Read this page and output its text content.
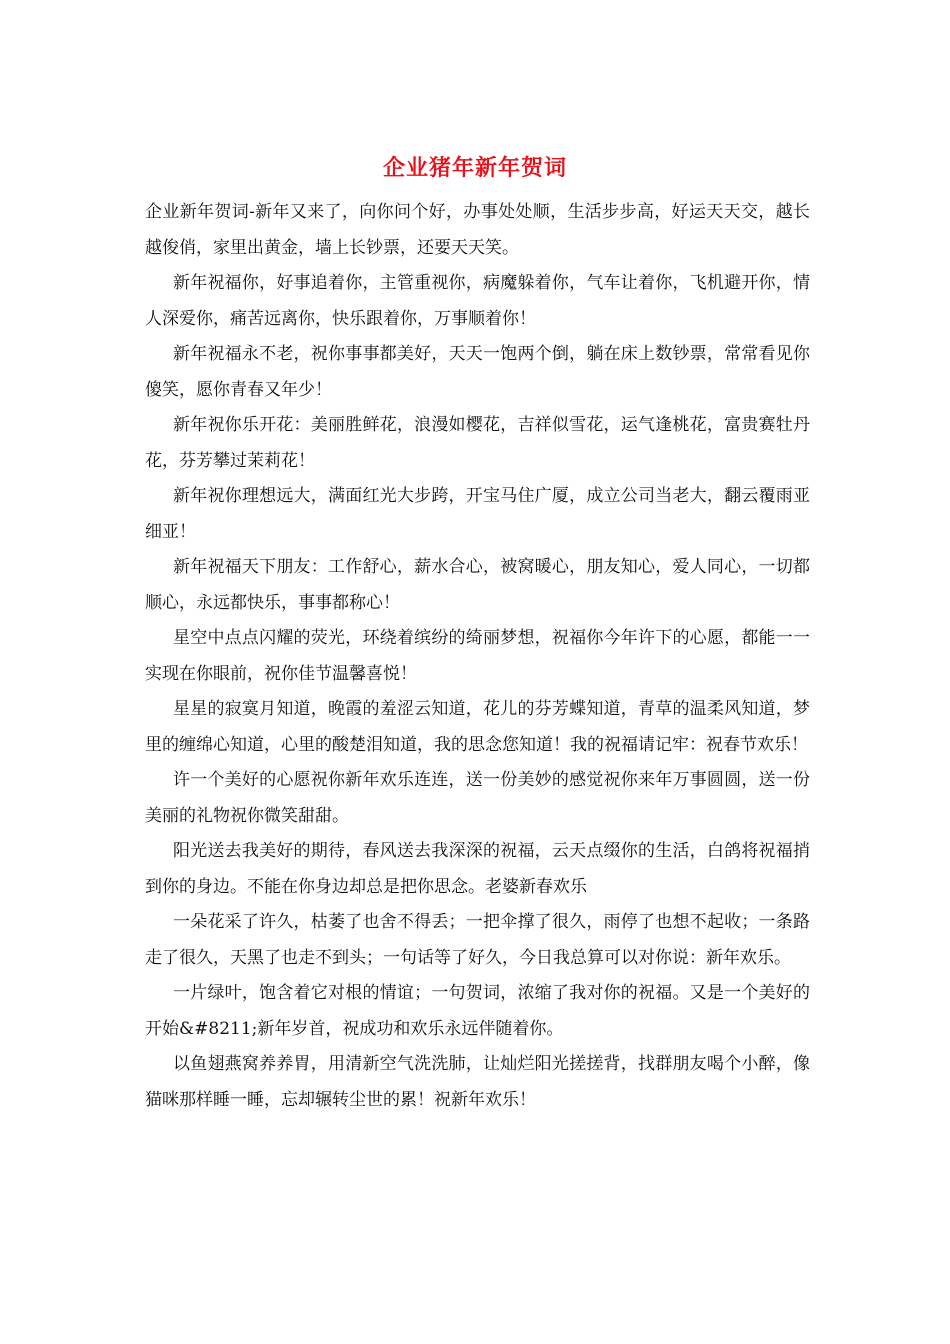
企业猪年新年贺词

企业新年贺词-新年又来了，向你问个好，办事处处顺，生活步步高，好运天天交，越长越俊俏，家里出黄金，墙上长钞票，还要天天笑。

新年祝福你，好事追着你，主管重视你，病魔躲着你，气车让着你，飞机避开你，情人深爱你，痛苦远离你，快乐跟着你，万事顺着你！

新年祝福永不老，祝你事事都美好，天天一饱两个倒，躺在床上数钞票，常常看见你傻笑，愿你青春又年少！

新年祝你乐开花：美丽胜鲜花，浪漫如樱花，吉祥似雪花，运气逢桃花，富贵赛牡丹花，芬芳攀过茉莉花！

新年祝你理想远大，满面红光大步跨，开宝马住广厦，成立公司当老大，翻云覆雨亚细亚！

新年祝福天下朋友：工作舒心，薪水合心，被窝暖心，朋友知心，爱人同心，一切都顺心，永远都快乐，事事都称心！

星空中点点闪耀的荧光，环绕着缤纷的绮丽梦想，祝福你今年许下的心愿，都能一一实现在你眼前，祝你佳节温馨喜悦！

星星的寂寞月知道，晚霞的羞涩云知道，花儿的芬芳蝶知道，青草的温柔风知道，梦里的缠绵心知道，心里的酸楚泪知道，我的思念您知道！我的祝福请记牢：祝春节欢乐！

许一个美好的心愿祝你新年欢乐连连，送一份美妙的感觉祝你来年万事圆圆，送一份美丽的礼物祝你微笑甜甜。

阳光送去我美好的期待，春风送去我深深的祝福，云天点缀你的生活，白鸽将祝福捎到你的身边。不能在你身边却总是把你思念。老婆新春欢乐

一朵花采了许久，枯萎了也舍不得丢；一把伞撑了很久，雨停了也想不起收；一条路走了很久，天黑了也走不到头；一句话等了好久，今日我总算可以对你说：新年欢乐。

一片绿叶，饱含着它对根的情谊；一句贺词，浓缩了我对你的祝福。又是一个美好的开始&#8211;新年岁首，祝成功和欢乐永远伴随着你。

以鱼翅燕窝养养胃，用清新空气洗洗肺，让灿烂阳光搓搓背，找群朋友喝个小醉，像猫咪那样睡一睡，忘却辗转尘世的累！祝新年欢乐！
